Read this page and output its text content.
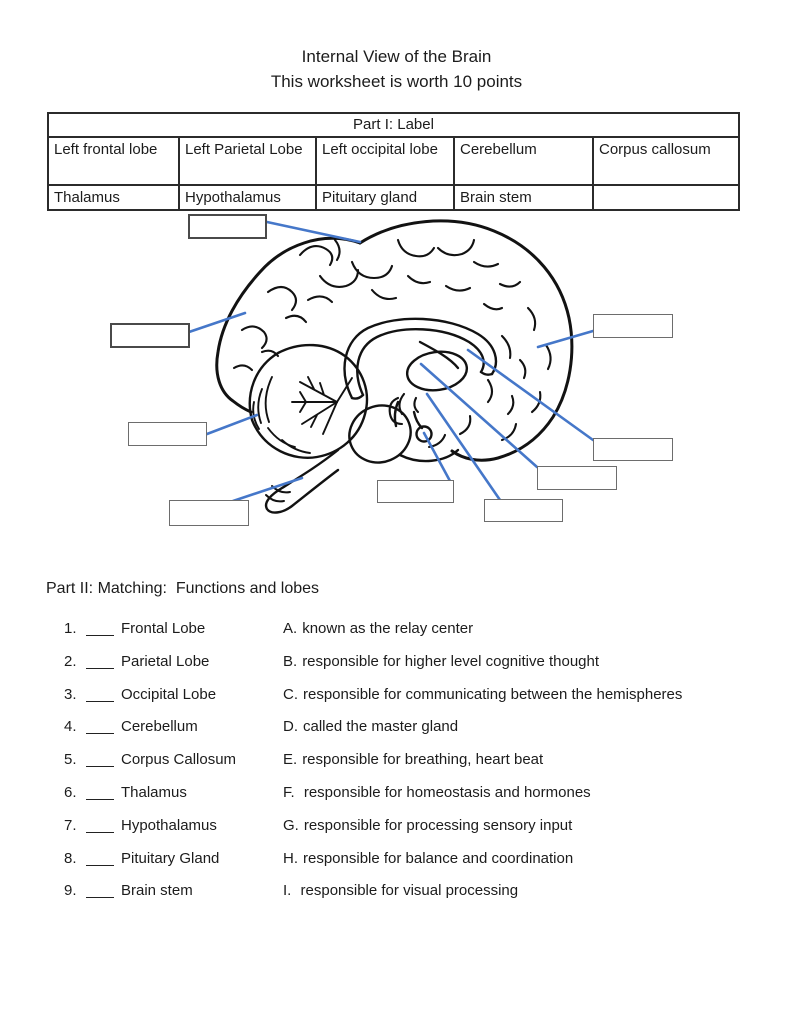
Internal View of the Brain
This worksheet is worth 10 points
Part I: Label				
Left frontal lobe	Left Parietal Lobe	Left occipital lobe	Cerebellum	Corpus callosum
Thalamus	Hypothalamus	Pituitary gland	Brain stem	
Part II: Matching:  Functions and lobes
1.	Frontal Lobe	A. known as the relay center
2.	Parietal Lobe	B. responsible for higher level cognitive thought
3.	Occipital Lobe	C. responsible for communicating between the hemispheres
4.	Cerebellum	D. called the master gland
5.	Corpus Callosum	E. responsible for breathing, heart beat
6.	Thalamus	F. responsible for homeostasis and hormones
7.	Hypothalamus	G. responsible for processing sensory input
8.	Pituitary Gland	H. responsible for balance and coordination
9.	Brain stem	I. responsible for visual processing
